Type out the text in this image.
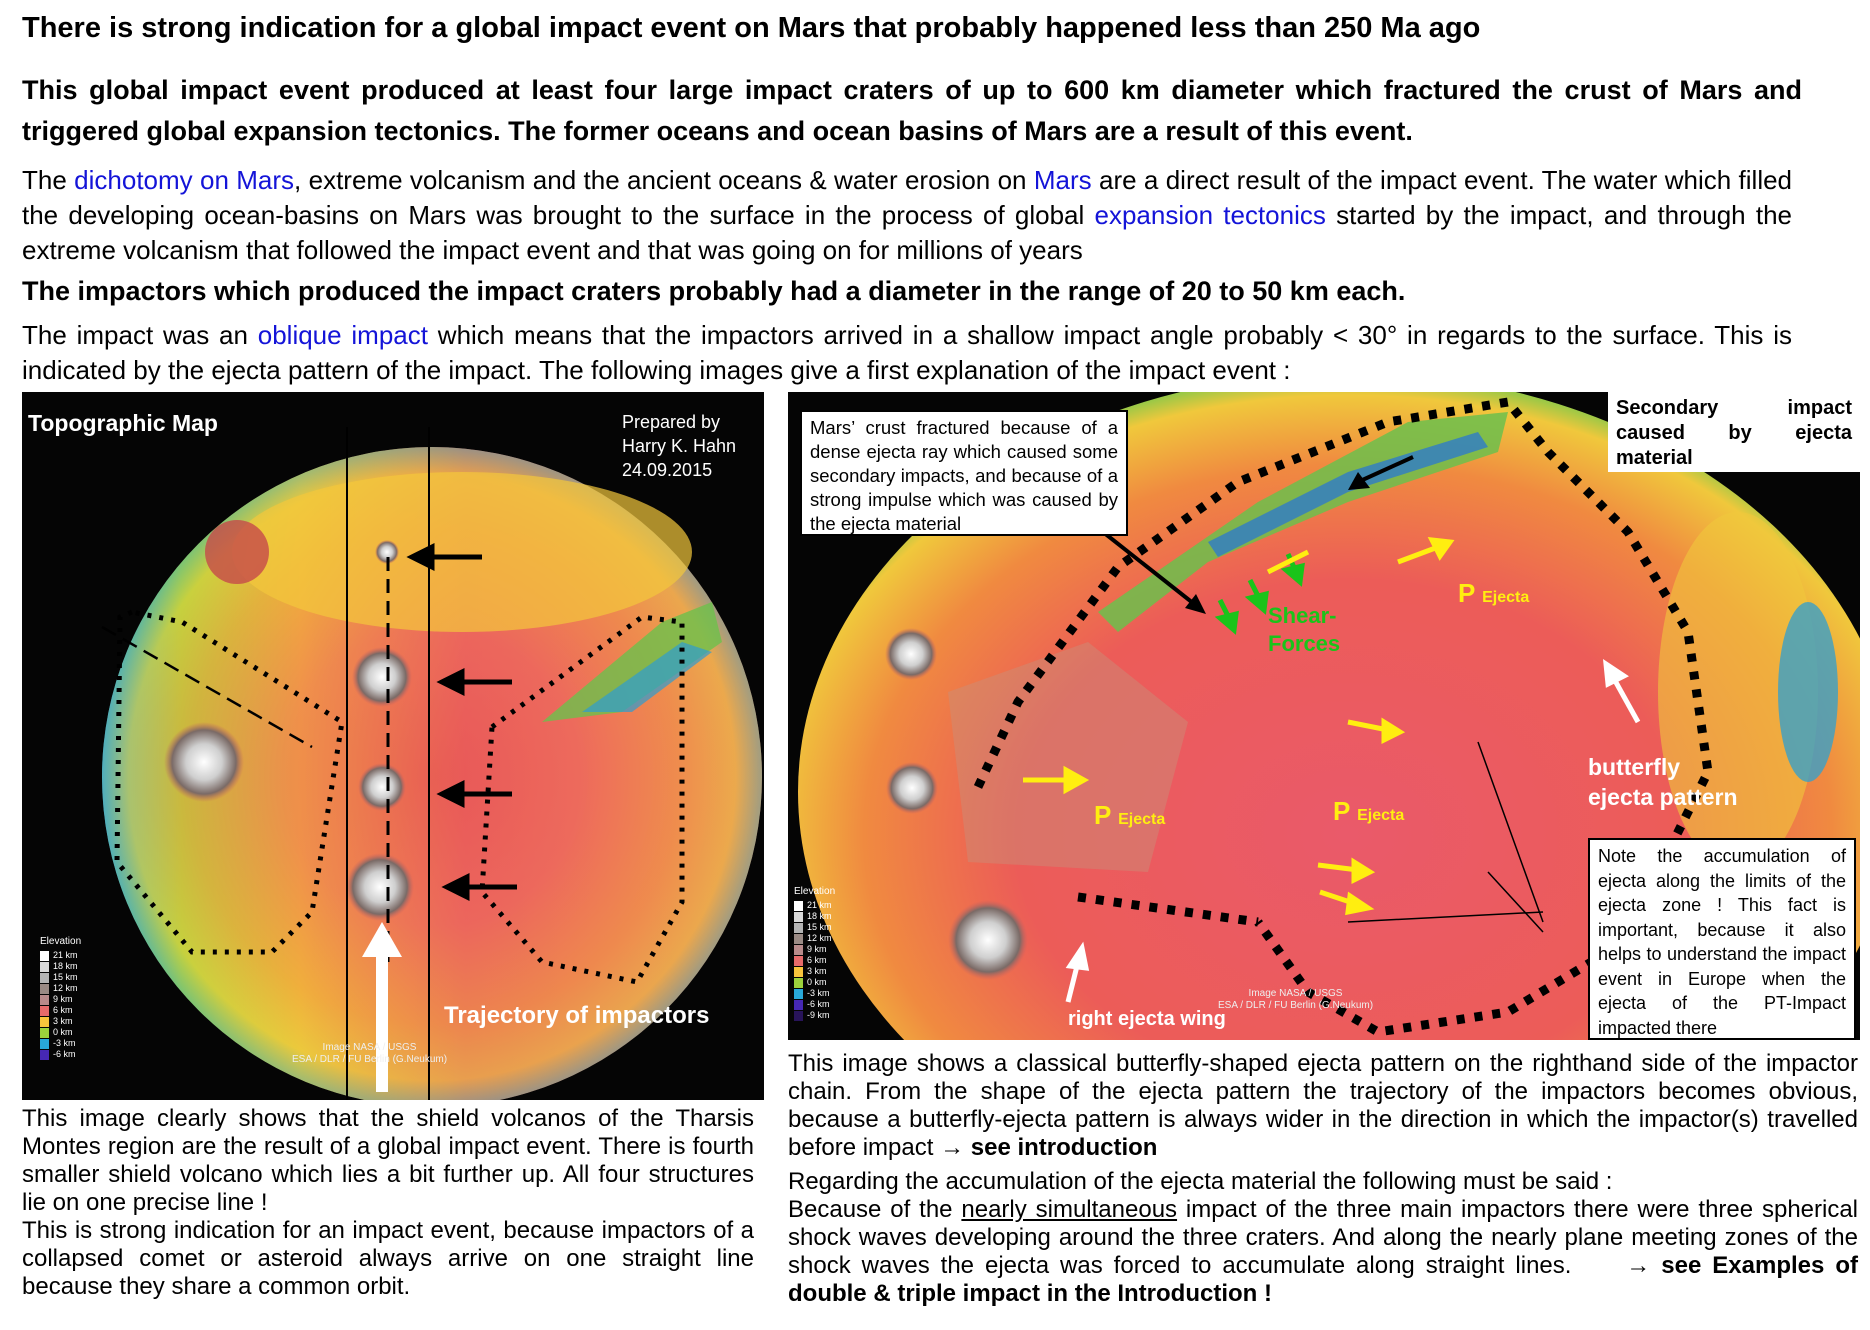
There is strong indication for a global impact event on Mars that probably happened less than 250 Ma ago
This global impact event produced at least four large impact craters of up to 600 km diameter which fractured the crust of Mars and triggered global expansion tectonics. The former oceans and ocean basins of Mars are a result of this event.

The dichotomy on Mars, extreme volcanism and the ancient oceans & water erosion on Mars are a direct result of the impact event. The water which filled the developing ocean-basins on Mars was brought to the surface in the process of global expansion tectonics started by the impact, and through the extreme volcanism that followed the impact event and that was going on for millions of years

The impactors which produced the impact craters probably had a diameter in the range of 20 to 50 km each.

The impact was an oblique impact which means that the impactors arrived in a shallow impact angle probably < 30° in regards to the surface. This is indicated by the ejecta pattern of the impact. The following images give a first explanation of the impact event :

Topographic Map	Prepared by
Harry K. Hahn
24.09.2015
Trajectory of impactors
Image NASA / USGS
ESA / DLR / FU Berlin (G.Neukum)
Elevation
21 km
18 km
15 km
12 km
9 km
6 km
3 km
0 km
-3 km
-6 km

This image clearly shows that the shield volcanos of the Tharsis Montes region are the result of a global impact event. There is fourth smaller shield volcano which lies a bit further up. All four structures lie on one precise line !

This is strong indication for an impact event, because impactors of a collapsed comet or asteroid always arrive on one straight line because they share a common orbit.

Mars’ crust fractured because of a dense ejecta ray which caused some secondary impacts, and because of a strong impulse which was caused by the ejecta material
Secondary impact caused by ejecta material
Shear-
Forces
P Ejecta
P Ejecta	P Ejecta
butterfly
ejecta pattern
right ejecta wing
Note the accumulation of ejecta along the limits of the ejecta zone ! This fact is important, because it also helps to understand the impact event in Europe when the ejecta of the PT-Impact impacted there
Image NASA / USGS
ESA / DLR / FU Berlin (G.Neukum)
Elevation
21 km
18 km
15 km
12 km
9 km
6 km
3 km
0 km
-3 km
-6 km
-9 km

This image shows a classical butterfly-shaped ejecta pattern on the righthand side of the impactor chain. From the shape of the ejecta pattern the trajectory of the impactors becomes obvious, because a butterfly-ejecta pattern is always wider in the direction in which the impactor(s) travelled before impact → see introduction

Regarding the accumulation of the ejecta material the following must be said :

Because of the nearly simultaneous impact of the three main impactors there were three spherical shock waves developing around the three craters. And along the nearly plane meeting zones of the shock waves the ejecta was forced to accumulate along straight lines.     → see Examples of double & triple impact in the Introduction !
